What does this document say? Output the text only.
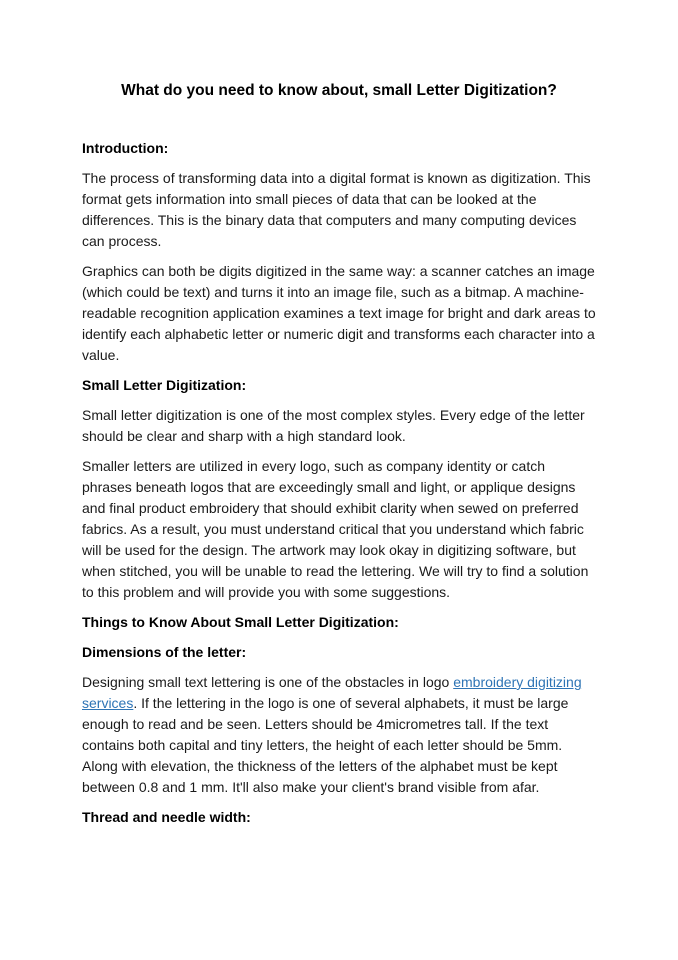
What do you need to know about, small Letter Digitization?

Introduction:

The process of transforming data into a digital format is known as digitization. This format gets information into small pieces of data that can be looked at the differences. This is the binary data that computers and many computing devices can process.

Graphics can both be digits digitized in the same way: a scanner catches an image (which could be text) and turns it into an image file, such as a bitmap. A machine-readable recognition application examines a text image for bright and dark areas to identify each alphabetic letter or numeric digit and transforms each character into a value.

Small Letter Digitization:

Small letter digitization is one of the most complex styles. Every edge of the letter should be clear and sharp with a high standard look.

Smaller letters are utilized in every logo, such as company identity or catch phrases beneath logos that are exceedingly small and light, or applique designs and final product embroidery that should exhibit clarity when sewed on preferred fabrics. As a result, you must understand critical that you understand which fabric will be used for the design. The artwork may look okay in digitizing software, but when stitched, you will be unable to read the lettering. We will try to find a solution to this problem and will provide you with some suggestions.

Things to Know About Small Letter Digitization:

Dimensions of the letter:

Designing small text lettering is one of the obstacles in logo embroidery digitizing services. If the lettering in the logo is one of several alphabets, it must be large enough to read and be seen. Letters should be 4micrometres tall. If the text contains both capital and tiny letters, the height of each letter should be 5mm. Along with elevation, the thickness of the letters of the alphabet must be kept between 0.8 and 1 mm. It'll also make your client's brand visible from afar.

Thread and needle width:
